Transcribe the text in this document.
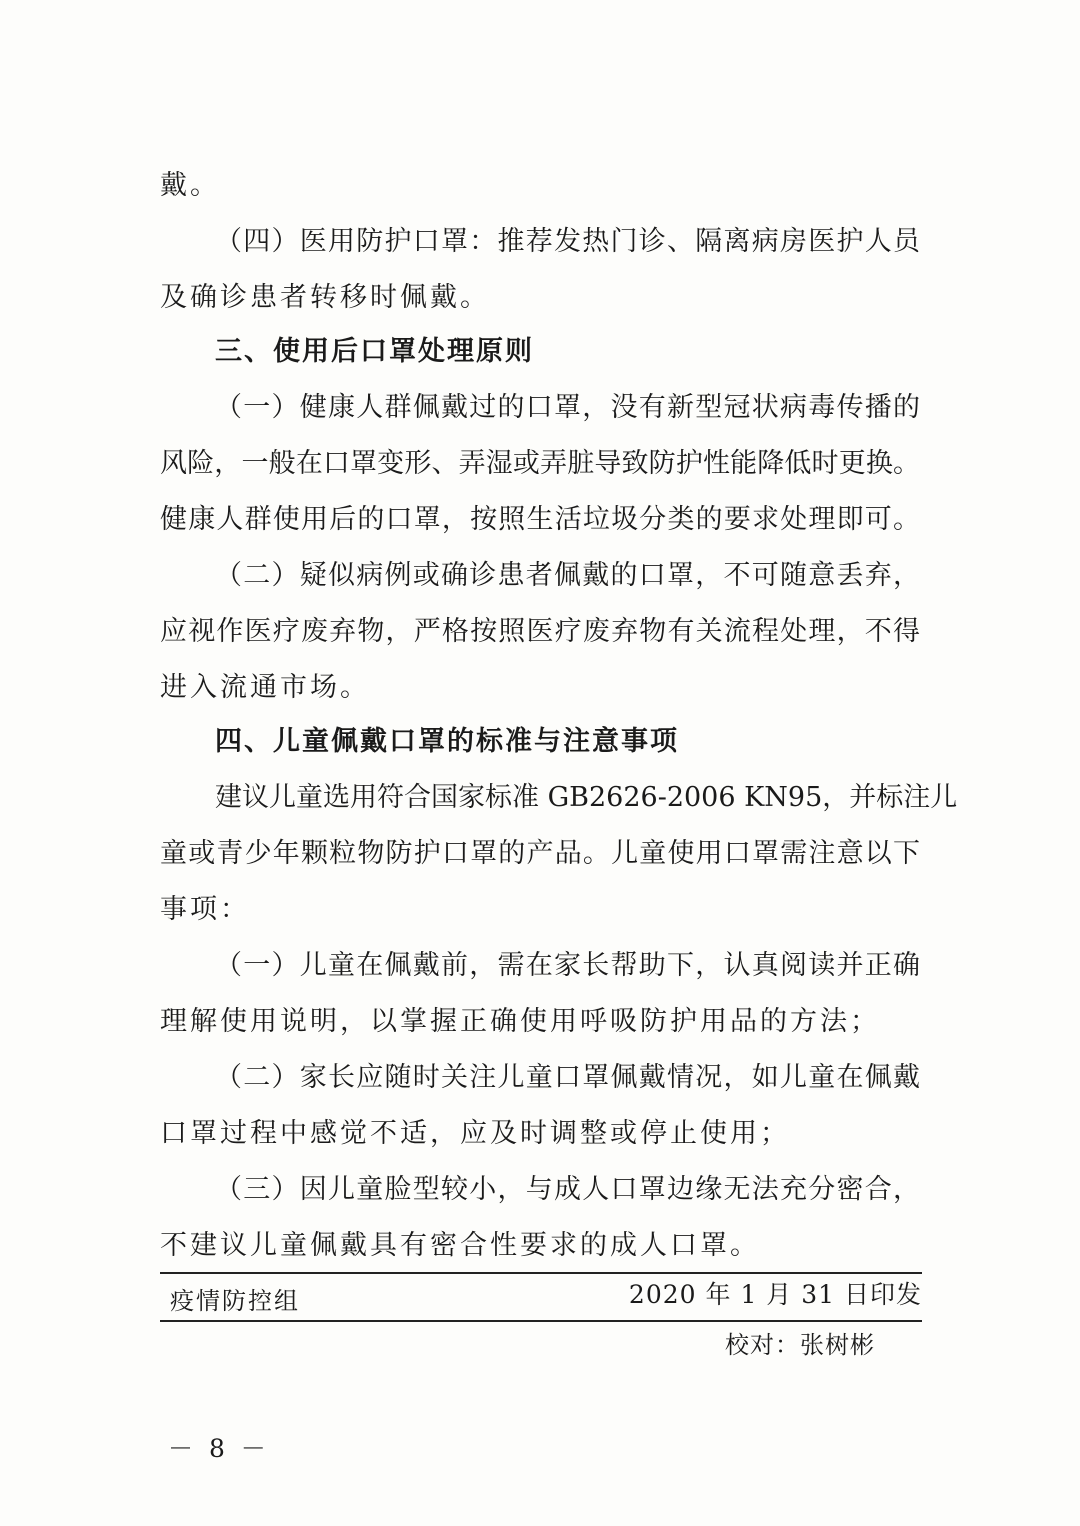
戴。
（四）医用防护口罩：推荐发热门诊、隔离病房医护人员
及确诊患者转移时佩戴。
三、使用后口罩处理原则
（一）健康人群佩戴过的口罩，没有新型冠状病毒传播的
风险，一般在口罩变形、弄湿或弄脏导致防护性能降低时更换。
健康人群使用后的口罩，按照生活垃圾分类的要求处理即可。
（二）疑似病例或确诊患者佩戴的口罩，不可随意丢弃，
应视作医疗废弃物，严格按照医疗废弃物有关流程处理，不得
进入流通市场。
四、儿童佩戴口罩的标准与注意事项
建议儿童选用符合国家标准 GB2626-2006 KN95，并标注儿
童或青少年颗粒物防护口罩的产品。儿童使用口罩需注意以下
事项：
（一）儿童在佩戴前，需在家长帮助下，认真阅读并正确
理解使用说明，以掌握正确使用呼吸防护用品的方法；
（二）家长应随时关注儿童口罩佩戴情况，如儿童在佩戴
口罩过程中感觉不适，应及时调整或停止使用；
（三）因儿童脸型较小，与成人口罩边缘无法充分密合，
不建议儿童佩戴具有密合性要求的成人口罩。
疫情防控组	2020 年 1 月 31 日印发
校对：张树彬
－ 8 －
